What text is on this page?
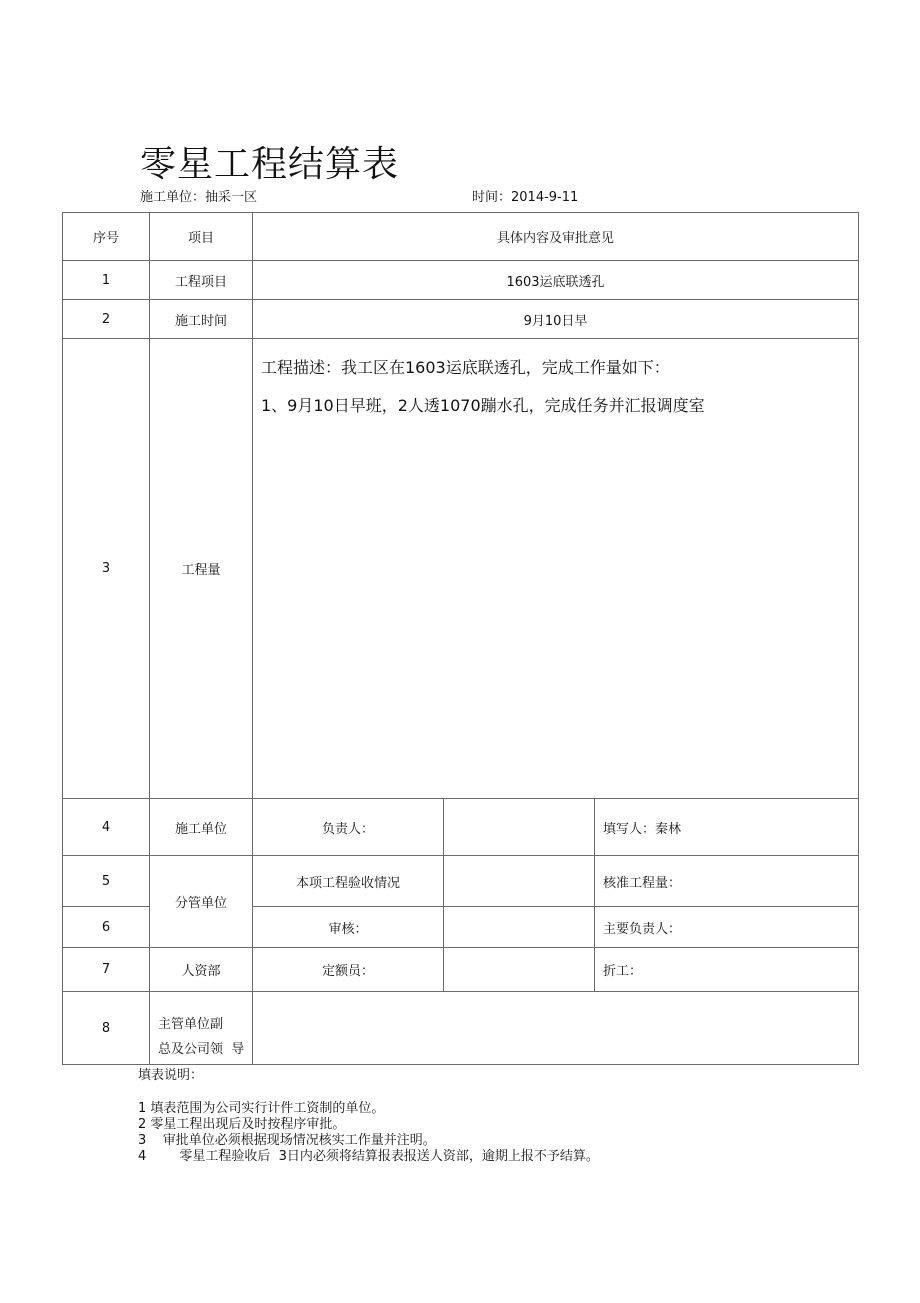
零星工程结算表
施工单位：抽采一区	时间：2014-9-11
序号	项目	具体内容及审批意见		
1	工程项目	1603运底联透孔		
2	施工时间	9月10日早		
3	工程量	工程描述：我工区在1603运底联透孔，完成工作量如下：
1、9月10日早班，2人透1070蹦水孔，完成任务并汇报调度室		

4	施工单位	负责人：		填写人：秦林
5	分管单位	本项工程验收情况		核准工程量：
6		审核：		主要负责人：
7	人资部	定额员：		折工：
8	主管单位副
总及公司领  导			

填表说明：
1 填表范围为公司实行计件工资制的单位。
2 零星工程出现后及时按程序审批。
3    审批单位必须根据现场情况核实工作量并注明。
4        零星工程验收后  3日内必须将结算报表报送人资部，逾期上报不予结算。
